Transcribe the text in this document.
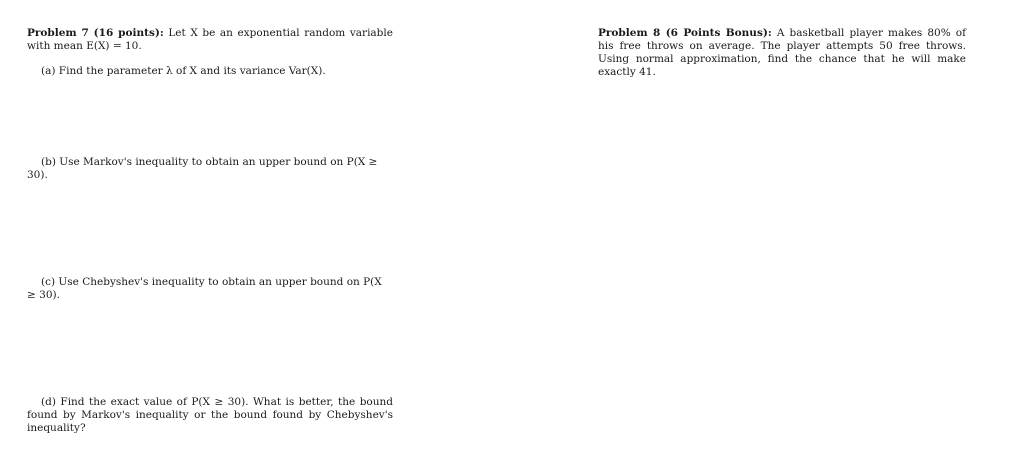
Problem 7 (16 points): Let X be an exponential random variable with mean E(X) = 10.
(a) Find the parameter λ of X and its variance Var(X).
(b) Use Markov's inequality to obtain an upper bound on P(X ≥ 30).
(c) Use Chebyshev's inequality to obtain an upper bound on P(X ≥ 30).
(d) Find the exact value of P(X ≥ 30). What is better, the bound found by Markov's inequality or the bound found by Chebyshev's inequality?
Problem 8 (6 Points Bonus): A basketball player makes 80% of his free throws on average. The player attempts 50 free throws. Using normal approximation, find the chance that he will make exactly 41.
